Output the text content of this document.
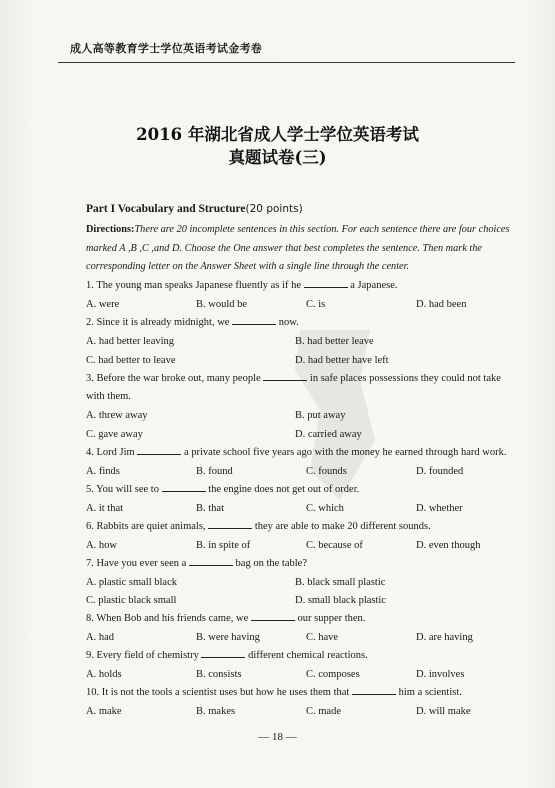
成人高等教育学士学位英语考试金考卷

2016 年湖北省成人学士学位英语考试
真题试卷(三)
Part I Vocabulary and Structure(20 points)
Directions:There are 20 incomplete sentences in this section. For each sentence there are four choices marked A ,B ,C ,and D. Choose the One answer that best completes the sentence. Then mark the corresponding letter on the Answer Sheet with a single line through the center.
1. The young man speaks Japanese fluently as if he	a Japanese.
A. were	B. would be	C. is	D. had been
2. Since it is already midnight, we	now.
A. had better leaving	B. had better leave
C. had better to leave	D. had better have left
3. Before the war broke out, many people	in safe places possessions they could not take
with them.
A. threw away	B. put away
C. gave away	D. carried away
4. Lord Jim	a private school five years ago with the money he earned through hard work.
A. finds	B. found	C. founds	D. founded
5. You will see to	the engine does not get out of order.
A. it that	B. that	C. which	D. whether
6. Rabbits are quiet animals,	they are able to make 20 different sounds.
A. how	B. in spite of	C. because of	D. even though
7. Have you ever seen a	bag on the table?
A. plastic small black	B. black small plastic
C. plastic black small	D. small black plastic
8. When Bob and his friends came, we	our supper then.
A. had	B. were having	C. have	D. are having
9. Every field of chemistry	different chemical reactions.
A. holds	B. consists	C. composes	D. involves
10. It is not the tools a scientist uses but how he uses them that	him a scientist.
A. make	B. makes	C. made	D. will make
— 18 —
